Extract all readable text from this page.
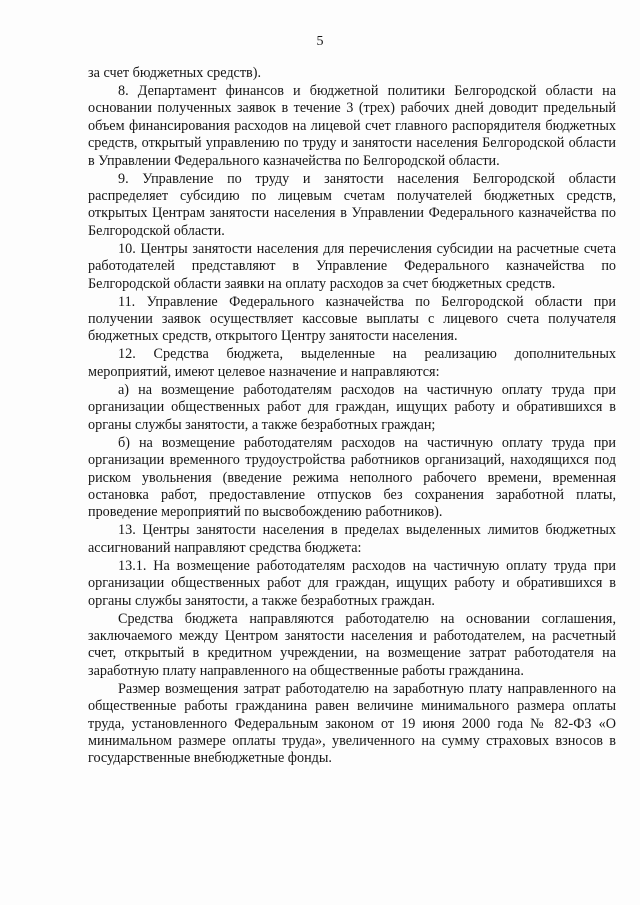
5

за счет бюджетных средств).

8. Департамент финансов и бюджетной политики Белгородской области на основании полученных заявок в течение 3 (трех) рабочих дней доводит предельный объем финансирования расходов на лицевой счет главного распорядителя бюджетных средств, открытый управлению по труду и занятости населения Белгородской области в Управлении Федерального казначейства по Белгородской области.

9. Управление по труду и занятости населения Белгородской области распределяет субсидию по лицевым счетам получателей бюджетных средств, открытых Центрам занятости населения в Управлении Федерального казначейства по Белгородской области.

10. Центры занятости населения для перечисления субсидии на расчетные счета работодателей представляют в Управление Федерального казначейства по Белгородской области заявки на оплату расходов за счет бюджетных средств.

11. Управление Федерального казначейства по Белгородской области при получении заявок осуществляет кассовые выплаты с лицевого счета получателя бюджетных средств, открытого Центру занятости населения.

12. Средства бюджета, выделенные на реализацию дополнительных мероприятий, имеют целевое назначение и направляются:

а) на возмещение работодателям расходов на частичную оплату труда при организации общественных работ для граждан, ищущих работу и обратившихся в органы службы занятости, а также безработных граждан;

б) на возмещение работодателям расходов на частичную оплату труда при организации временного трудоустройства работников организаций, находящихся под риском увольнения (введение режима неполного рабочего времени, временная остановка работ, предоставление отпусков без сохранения заработной платы, проведение мероприятий по высвобождению работников).

13. Центры занятости населения в пределах выделенных лимитов бюджетных ассигнований направляют средства бюджета:

13.1. На возмещение работодателям расходов на частичную оплату труда при организации общественных работ для граждан, ищущих работу и обратившихся в органы службы занятости, а также безработных граждан.

Средства бюджета направляются работодателю на основании соглашения, заключаемого между Центром занятости населения и работодателем, на расчетный счет, открытый в кредитном учреждении, на возмещение затрат работодателя на заработную плату направленного на общественные работы гражданина.

Размер возмещения затрат работодателю на заработную плату направленного на общественные работы гражданина равен величине минимального размера оплаты труда, установленного Федеральным законом от 19 июня 2000 года № 82-ФЗ «О минимальном размере оплаты труда», увеличенного на сумму страховых взносов в государственные внебюджетные фонды.
